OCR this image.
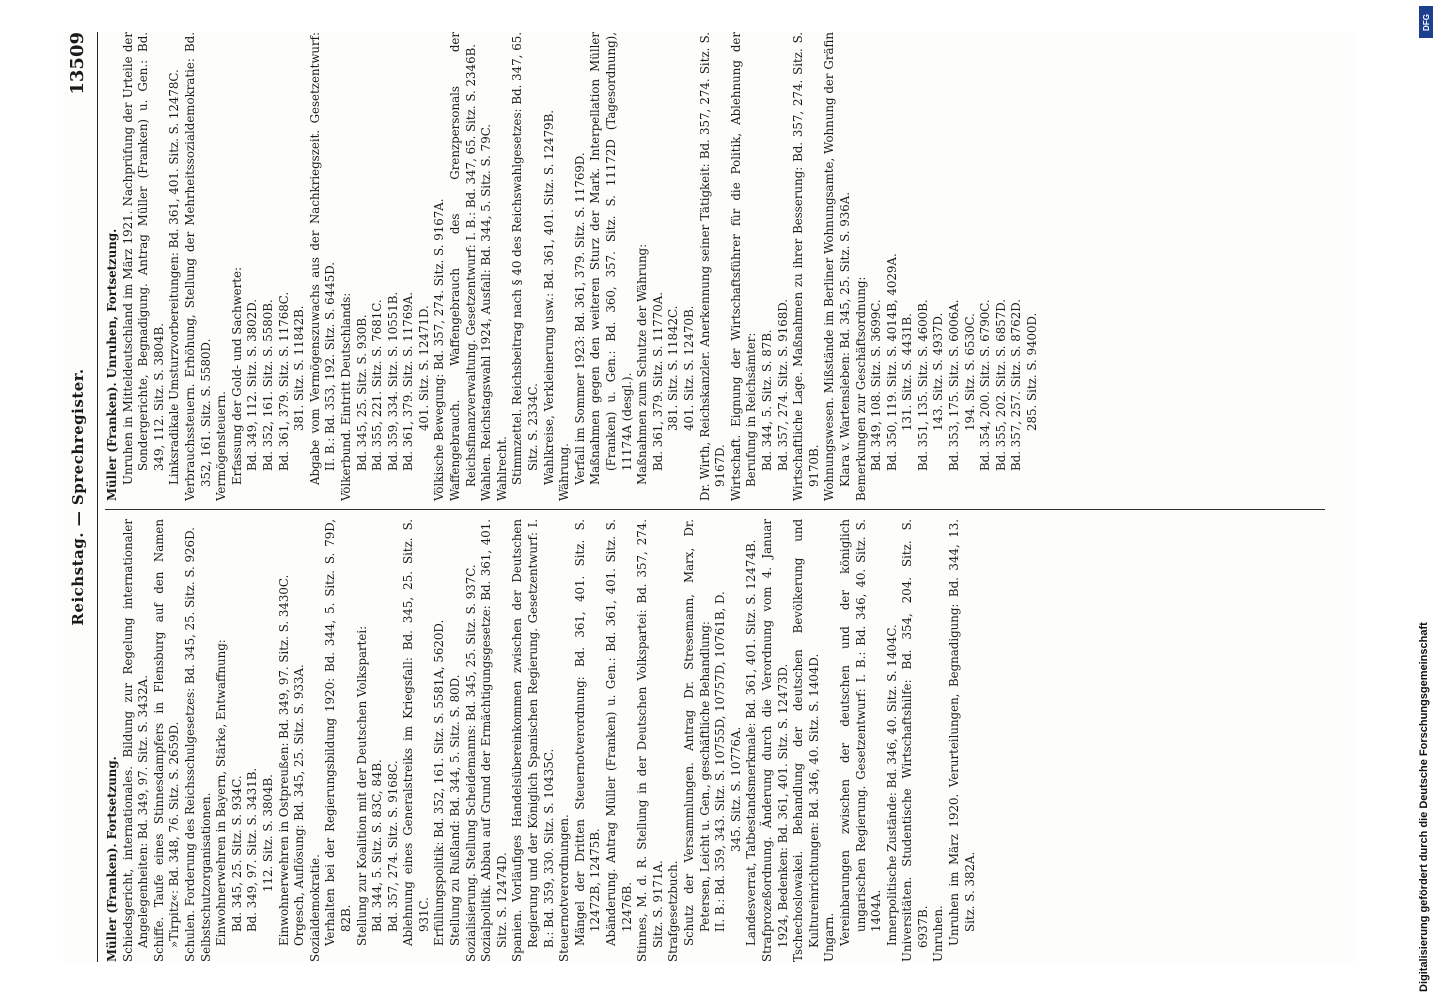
Reichstag. — Sprechregister.
13509

Müller (Franken). Fortsetzung. Schiedsgericht, internationales. Bildung zur Regelung internationaler Angelegenheiten: Bd. 349, 97. Sitz. S. 3432A. Schiffe. Taufe eines Stinnesdampfers in Flensburg auf den Namen »Tirpitz«: Bd. 348, 76. Sitz. S. 2659D. Schulen. Forderung des Reichsschulgesetzes: Bd. 345, 25. Sitz. S. 926D. Selbstschutzorganisationen. Einwohnerwehren in Bayern, Stärke, Entwaffnung: Bd. 345, 25. Sitz. S. 934C. Bd. 349, 97. Sitz. S. 3431B. 112. Sitz. S. 3804B. Einwohnerwehren in Ostpreußen: Bd. 349, 97. Sitz. S. 3430C. Orgesch, Auflösung: Bd. 345, 25. Sitz. S. 933A. Sozialdemokratie. Verhalten bei der Regierungsbildung 1920: Bd. 344, 5. Sitz. S. 79D, 82B. Stellung zur Koalition mit der Deutschen Volkspartei: Bd. 344, 5. Sitz. S. 83C, 84B. Bd. 357, 274. Sitz. S. 9168C. Ablehnung eines Generalstreiks im Kriegsfall: Bd. 345, 25. Sitz. S. 931C. Erfüllungspolitik: Bd. 352, 161. Sitz. S. 5581A, 5620D. Stellung zu Rußland: Bd. 344, 5. Sitz. S. 80D. Sozialisierung. Stellung Scheidemanns: Bd. 345, 25. Sitz. S. 937C. Sozialpolitik. Abbau auf Grund der Ermächtigungsgesetze: Bd. 361, 401. Sitz. S. 12474D. Spanien. Vorläufiges Handelsübereinkommen zwischen der Deutschen Regierung und der Königlich Spanischen Regierung. Gesetzentwurf: I. B.: Bd. 359, 330. Sitz. S. 10435C. Steuernotverordnungen. Mängel der Dritten Steuernotverordnung: Bd. 361, 401. Sitz. S. 12472B, 12475B. Abänderung. Antrag Müller (Franken) u. Gen.: Bd. 361, 401. Sitz. S. 12476B. Stinnes, M. d. R. Stellung in der Deutschen Volkspartei: Bd. 357, 274. Sitz. S. 9171A. Strafgesetzbuch. Schutz der Versammlungen. Antrag Dr. Stresemann, Marx, Dr. Petersen, Leicht u. Gen., geschäftliche Behandlung: II. B.: Bd. 359, 343. Sitz. S. 10755D, 10757D, 10761B, D. 345. Sitz. S. 10776A. Landesverrat, Tatbestandsmerkmale: Bd. 361, 401. Sitz. S. 12474B. Strafprozeßordnung. Änderung durch die Verordnung vom 4. Januar 1924, Bedenken: Bd. 361, 401. Sitz. S. 12473D. Tschechoslowakei. Behandlung der deutschen Bevölkerung und Kultureinrichtungen: Bd. 346, 40. Sitz. S. 1404D. Ungarn. Vereinbarungen zwischen der deutschen und der königlich ungarischen Regierung. Gesetzentwurf: I. B.: Bd. 346, 40. Sitz. S. 1404A. Innerpolitische Zustände: Bd. 346, 40. Sitz. S. 1404C. Universitäten. Studentische Wirtschaftshilfe: Bd. 354, 204. Sitz. S. 6937B. Unruhen. Unruhen im März 1920. Verurteilungen, Begnadigung: Bd. 344, 13. Sitz. S. 382A.

Müller (Franken). Unruhen, Fortsetzung. Unruhen in Mitteldeutschland im März 1921. Nachprüfung der Urteile der Sondergerichte, Begnadigung. Antrag Müller (Franken) u. Gen.: Bd. 349, 112. Sitz. S. 3804B. Linksradikale Umsturzvorbereitungen: Bd. 361, 401. Sitz. S. 12478C. Verbrauchssteuern. Erhöhung, Stellung der Mehrheitssozialdemokratie: Bd. 352, 161. Sitz. S. 5580D. Vermögensteuern. Erfassung der Gold- und Sachwerte: Bd. 349, 112. Sitz. S. 3802D. Bd. 352, 161. Sitz. S. 5580B. Bd. 361, 379. Sitz. S. 11768C. 381. Sitz. S. 11842B. Abgabe vom Vermögenszuwachs aus der Nachkriegszeit. Gesetzentwurf: II. B.: Bd. 353, 192. Sitz. S. 6445D. Völkerbund. Eintritt Deutschlands: Bd. 345, 25. Sitz. S. 930B. Bd. 355, 221. Sitz. S. 7681C. Bd. 359, 334. Sitz. S. 10551B. Bd. 361, 379. Sitz. S. 11769A. 401. Sitz. S. 12471D. Völkische Bewegung: Bd. 357, 274. Sitz. S. 9167A. Waffengebrauch. Waffengebrauch des Grenzpersonals der Reichsfinanzverwaltung. Gesetzentwurf: I. B.: Bd. 347, 65. Sitz. S. 2346B. Wahlen. Reichstagswahl 1924, Ausfall: Bd. 344, 5. Sitz. S. 79C. Wahlrecht. Stimmzettel. Reichsbeitrag nach § 40 des Reichswahlgesetzes: Bd. 347, 65. Sitz. S. 2334C. Wahlkreise, Verkleinerung usw.: Bd. 361, 401. Sitz. S. 12479B. Währung. Verfall im Sommer 1923: Bd. 361, 379. Sitz. S. 11769D. Maßnahmen gegen den weiteren Sturz der Mark. Interpellation Müller (Franken) u. Gen.: Bd. 360, 357. Sitz. S. 11172D (Tagesordnung), 11174A (desgl.). Maßnahmen zum Schutze der Währung: Bd. 361, 379. Sitz. S. 11770A. 381. Sitz. S. 11842C. 401. Sitz. S. 12470B. Dr. Wirth, Reichskanzler. Anerkennung seiner Tätigkeit: Bd. 357, 274. Sitz. S. 9167D. Wirtschaft. Eignung der Wirtschaftsführer für die Politik, Ablehnung der Berufung in Reichsämter: Bd. 344, 5. Sitz. S. 87B. Bd. 357, 274. Sitz. S. 9168D. Wirtschaftliche Lage. Maßnahmen zu ihrer Besserung: Bd. 357, 274. Sitz. S. 9170B. Wohnungswesen. Mißstände im Berliner Wohnungsamte, Wohnung der Gräfin Klara v. Wartensleben: Bd. 345, 25. Sitz. S. 936A. Bemerkungen zur Geschäftsordnung: Bd. 349, 108. Sitz. S. 3699C. Bd. 350, 119. Sitz. S. 4014B, 4029A. 131. Sitz. S. 4431B. Bd. 351, 135. Sitz. S. 4600B. 143. Sitz. S. 4937D. Bd. 353, 175. Sitz. S. 6006A. 194. Sitz. S. 6530C. Bd. 354, 200. Sitz. S. 6790C. Bd. 355, 202. Sitz. S. 6857D. Bd. 357, 257. Sitz. S. 8762D. 285. Sitz. S. 9400D.

DFG
Digitalisierung gefördert durch die Deutsche Forschungsgemeinschaft
